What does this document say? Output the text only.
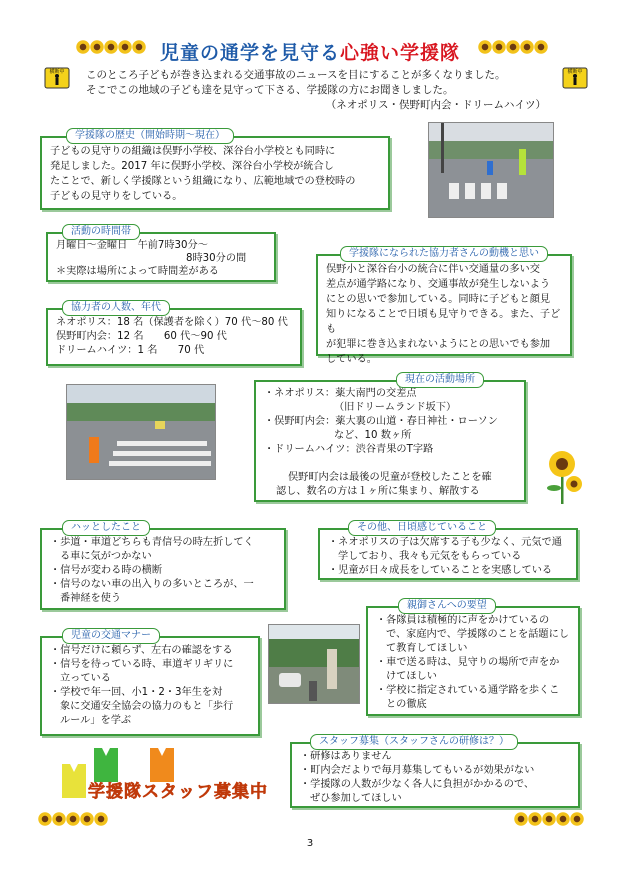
児童の通学を見守る心強い学援隊
横断中	横断中

このところ子どもが巻き込まれる交通事故のニュースを目にすることが多くなりました。

そこでこの地域の子ども達を見守って下さる、学援隊の方にお聞きしました。

（ネオポリス・俣野町内会・ドリームハイツ）

子どもの見守りの組織は俣野小学校、深谷台小学校とも同時に

発足しました。2017 年に俣野小学校、深谷台小学校が統合し

たことで、新しく学援隊という組織になり、広範地域での登校時の

子どもの見守りをしている。

学援隊の歴史（開始時期～現在）

月曜日～金曜日　午前7時30分～

8時30分の間

＊実際は場所によって時間差がある

活動の時間帯

俣野小と深谷台小の統合に伴い交通量の多い交

差点が通学路になり、交通事故が発生しないよう

にとの思いで参加している。同時に子どもと顔見

知りになることで日頃も見守りできる。また、子ども

が犯罪に巻き込まれないようにとの思いでも参加

している。

学援隊になられた協力者さんの動機と思い

ネオポリス：18 名（保護者を除く）70 代～80 代

俣野町内会：12 名　　60 代～90 代

ドリームハイツ：1 名　　70 代

協力者の人数、年代

・ネオポリス：薬大南門の交差点

（旧ドリームランド坂下）

・俣野町内会：薬大裏の山道・春日神社・ローソン

など、10 数ヶ所

・ドリームハイツ：渋谷青果のT字路

俣野町内会は最後の児童が登校したことを確

認し、数名の方は１ヶ所に集まり、解散する

現在の活動場所

・歩道・車道どちらも青信号の時左折してく

る車に気がつかない

・信号が変わる時の横断

・信号のない車の出入りの多いところが、一

番神経を使う

ハッとしたこと

・ネオポリスの子は欠席する子も少なく、元気で通

学しており、我々も元気をもらっている

・児童が日々成長をしていることを実感している

その他、日頃感じていること

・各隊員は積極的に声をかけているの

で、家庭内で、学援隊のことを話題にし

て教育してほしい

・車で送る時は、見守りの場所で声をか

けてほしい

・学校に指定されている通学路を歩くこ

との徹底

親御さんへの要望

・信号だけに頼らず、左右の確認をする

・信号を待っている時、車道ギリギリに

立っている

・学校で年一回、小1・2・3年生を対

象に交通安全協会の協力のもと「歩行

ルール」を学ぶ

児童の交通マナー

・研修はありません

・町内会だよりで毎月募集してもいるが効果がない

・学援隊の人数が少なく各人に負担がかかるので、

ぜひ参加してほしい

スタッフ募集（スタッフさんの研修は？）
学援隊スタッフ募集中
3
